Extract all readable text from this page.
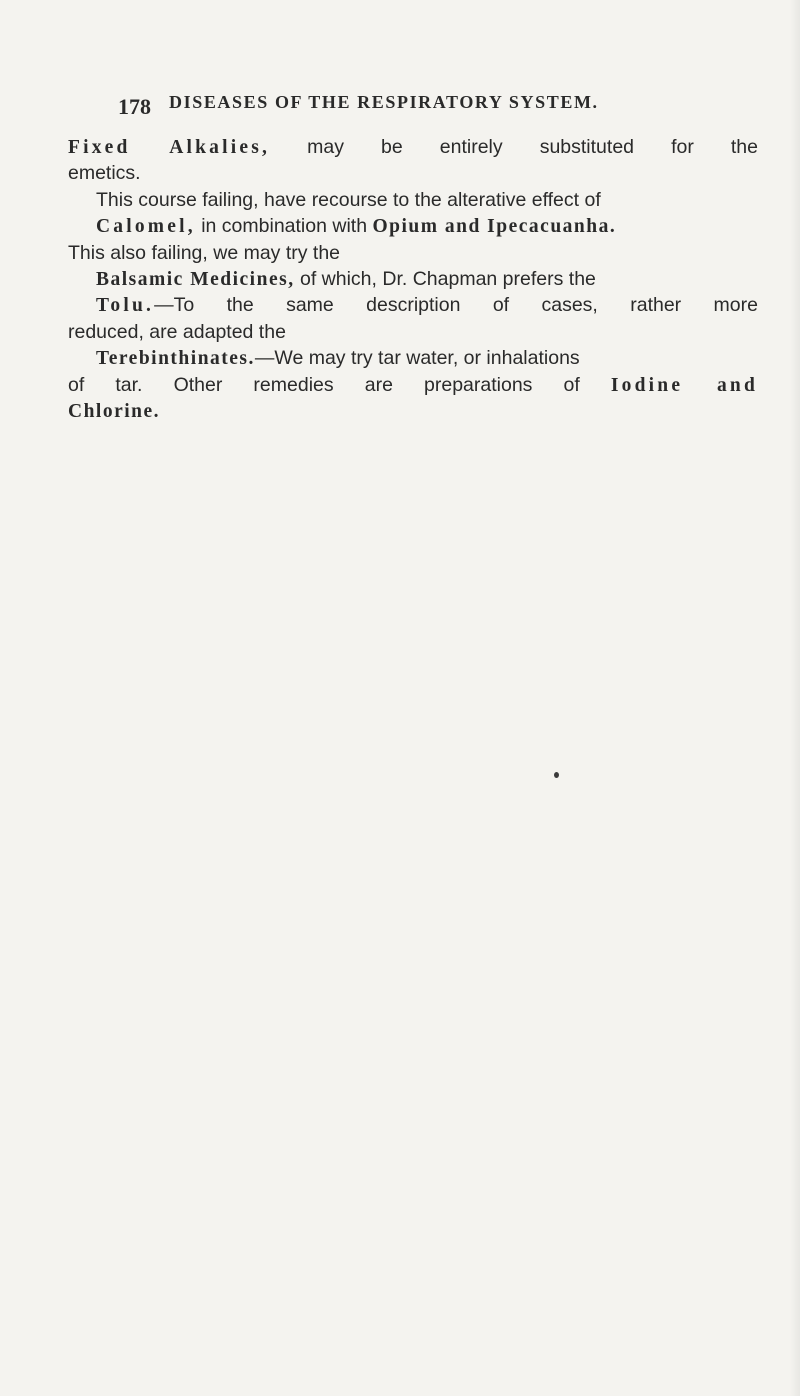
178 DISEASES OF THE RESPIRATORY SYSTEM.
Fixed Alkalies, may be entirely substituted for the
emetics.
This course failing, have recourse to the alterative effect of
Calomel, in combination with Opium and Ipecacuanha.
This also failing, we may try the
Balsamic Medicines, of which, Dr. Chapman prefers the
Tolu.—To the same description of cases, rather more
reduced, are adapted the
Terebinthinates.—We may try tar water, or inhalations
of tar. Other remedies are preparations of Iodine and
Chlorine.
